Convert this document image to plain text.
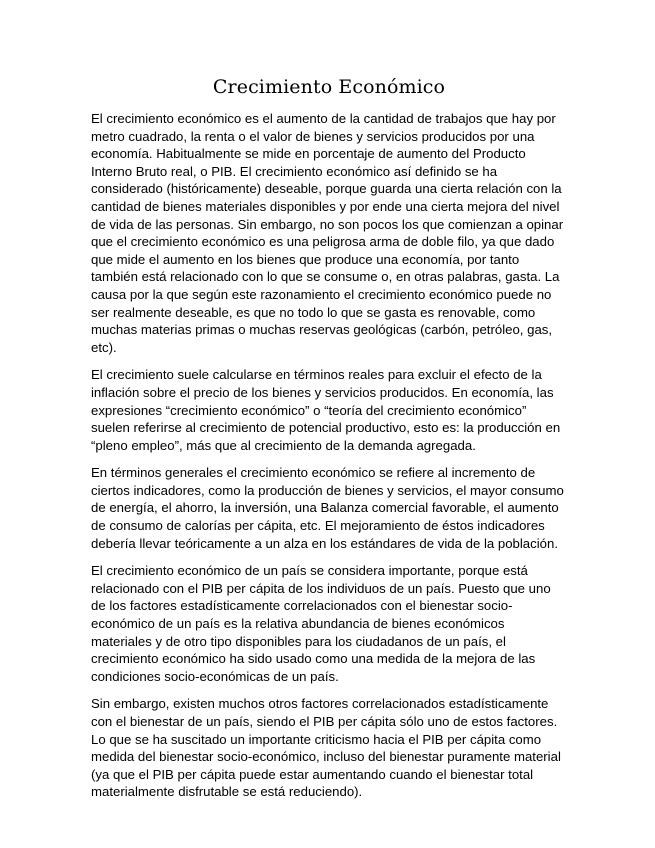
Crecimiento Económico

El crecimiento económico es el aumento de la cantidad de trabajos que hay por metro cuadrado, la renta o el valor de bienes y servicios producidos por una economía. Habitualmente se mide en porcentaje de aumento del Producto Interno Bruto real, o PIB. El crecimiento económico así definido se ha considerado (históricamente) deseable, porque guarda una cierta relación con la cantidad de bienes materiales disponibles y por ende una cierta mejora del nivel de vida de las personas. Sin embargo, no son pocos los que comienzan a opinar que el crecimiento económico es una peligrosa arma de doble filo, ya que dado que mide el aumento en los bienes que produce una economía, por tanto también está relacionado con lo que se consume o, en otras palabras, gasta. La causa por la que según este razonamiento el crecimiento económico puede no ser realmente deseable, es que no todo lo que se gasta es renovable, como muchas materias primas o muchas reservas geológicas (carbón, petróleo, gas, etc).

El crecimiento suele calcularse en términos reales para excluir el efecto de la inflación sobre el precio de los bienes y servicios producidos. En economía, las expresiones “crecimiento económico” o “teoría del crecimiento económico” suelen referirse al crecimiento de potencial productivo, esto es: la producción en “pleno empleo”, más que al crecimiento de la demanda agregada.

En términos generales el crecimiento económico se refiere al incremento de ciertos indicadores, como la producción de bienes y servicios, el mayor consumo de energía, el ahorro, la inversión, una Balanza comercial favorable, el aumento de consumo de calorías per cápita, etc. El mejoramiento de éstos indicadores debería llevar teóricamente a un alza en los estándares de vida de la población.

El crecimiento económico de un país se considera importante, porque está relacionado con el PIB per cápita de los individuos de un país. Puesto que uno de los factores estadísticamente correlacionados con el bienestar socio-económico de un país es la relativa abundancia de bienes económicos materiales y de otro tipo disponibles para los ciudadanos de un país, el crecimiento económico ha sido usado como una medida de la mejora de las condiciones socio-económicas de un país.

Sin embargo, existen muchos otros factores correlacionados estadísticamente con el bienestar de un país, siendo el PIB per cápita sólo uno de estos factores. Lo que se ha suscitado un importante criticismo hacia el PIB per cápita como medida del bienestar socio-económico, incluso del bienestar puramente material (ya que el PIB per cápita puede estar aumentando cuando el bienestar total materialmente disfrutable se está reduciendo).
